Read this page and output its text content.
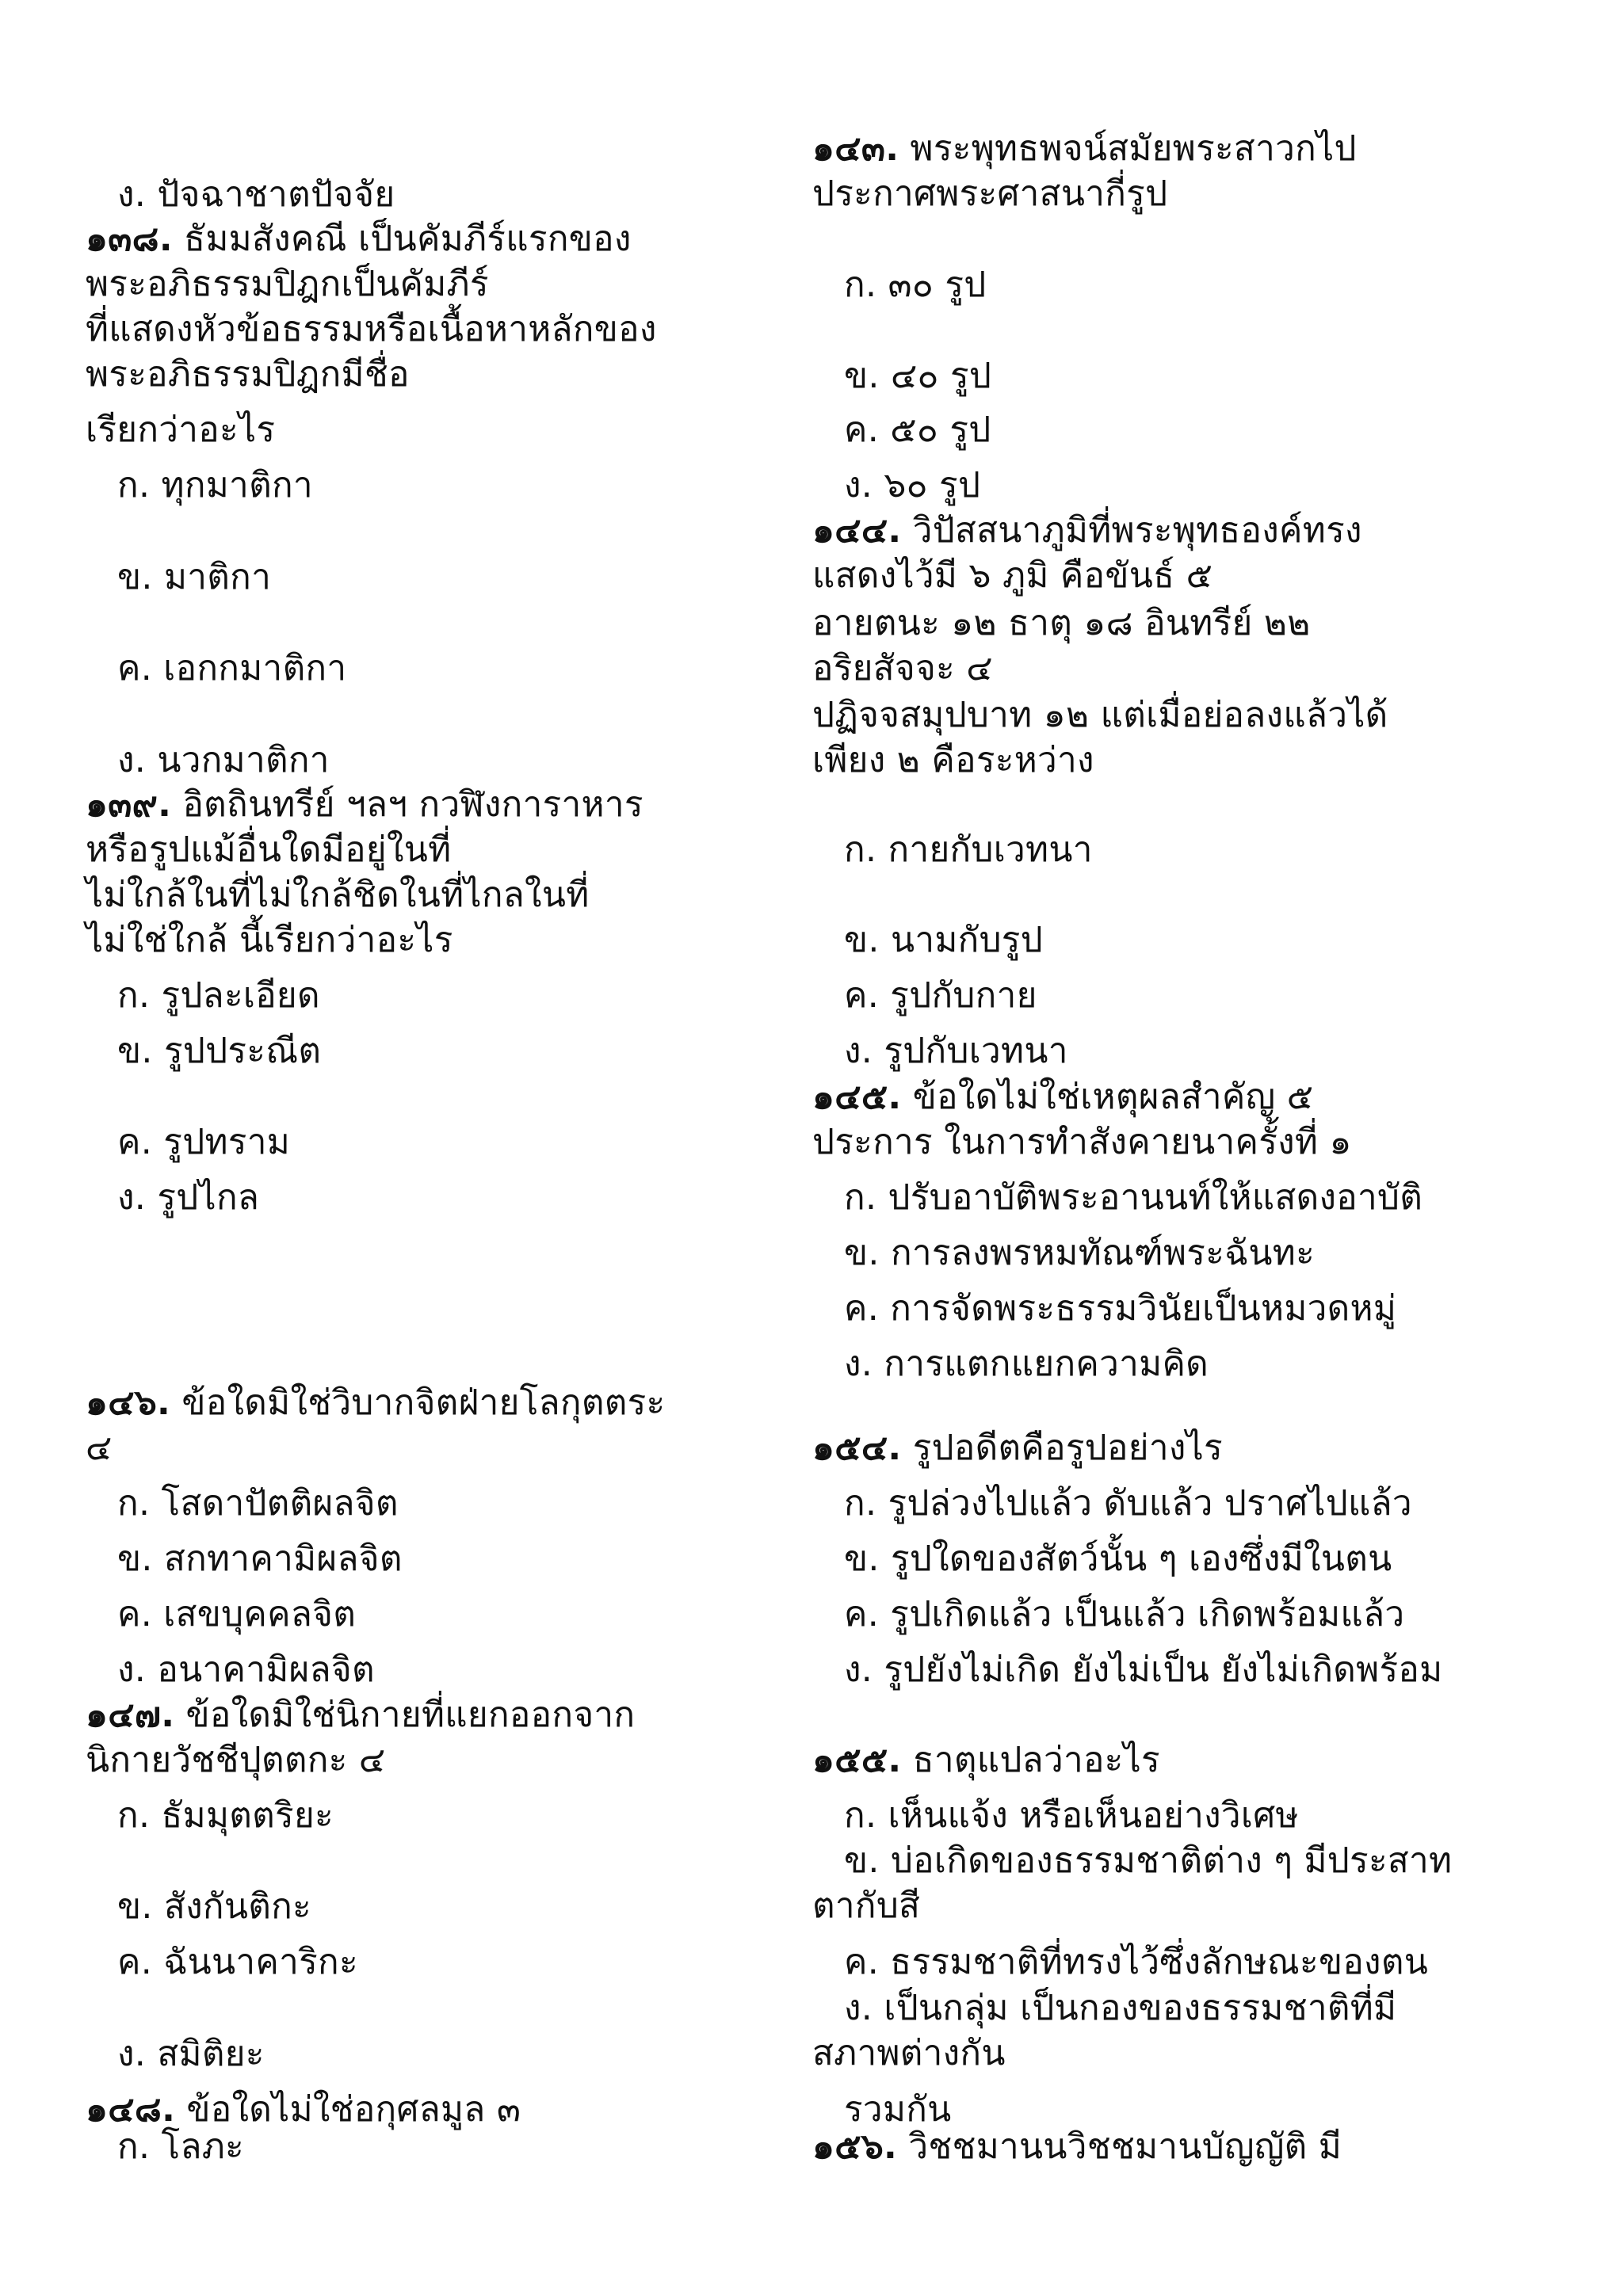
ง. ปัจฉาชาตปัจจัย
๑๓๘. ธัมมสังคณี เป็นคัมภีร์แรกของ
พระอภิธรรมปิฎกเป็นคัมภีร์
ที่แสดงหัวข้อธรรมหรือเนื้อหาหลักของ
พระอภิธรรมปิฎกมีชื่อ
เรียกว่าอะไร
ก. ทุกมาติกา
ข. มาติกา
ค. เอกกมาติกา
ง. นวกมาติกา
๑๓๙. อิตถินทรีย์ ฯลฯ กวฬิงการาหาร
หรือรูปแม้อื่นใดมีอยู่ในที่
ไม่ใกล้ในที่ไม่ใกล้ชิดในที่ไกลในที่
ไม่ใช่ใกล้ นี้เรียกว่าอะไร
ก. รูปละเอียด
ข. รูปประณีต
ค. รูปทราม
ง. รูปไกล
๑๔๖. ข้อใดมิใช่วิบากจิตฝ่ายโลกุตตระ
๔
ก. โสดาปัตติผลจิต
ข. สกทาคามิผลจิต
ค. เสขบุคคลจิต
ง. อนาคามิผลจิต
๑๔๗. ข้อใดมิใช่นิกายที่แยกออกจาก
นิกายวัชชีปุตตกะ ๔
ก. ธัมมุตตริยะ
ข. สังกันติกะ
ค. ฉันนาคาริกะ
ง. สมิติยะ
๑๔๘. ข้อใดไม่ใช่อกุศลมูล ๓
ก. โลภะ
๑๔๓. พระพุทธพจน์สมัยพระสาวกไป
ประกาศพระศาสนากี่รูป
ก. ๓๐ รูป
ข. ๔๐ รูป
ค. ๕๐ รูป
ง. ๖๐ รูป
๑๔๔. วิปัสสนาภูมิที่พระพุทธองค์ทรง
แสดงไว้มี ๖ ภูมิ คือขันธ์ ๕
อายตนะ ๑๒ ธาตุ ๑๘ อินทรีย์ ๒๒
อริยสัจจะ ๔
ปฏิจจสมุปบาท ๑๒ แต่เมื่อย่อลงแล้วได้
เพียง ๒ คือระหว่าง
ก. กายกับเวทนา
ข. นามกับรูป
ค. รูปกับกาย
ง. รูปกับเวทนา
๑๔๕. ข้อใดไม่ใช่เหตุผลสำคัญ ๕
ประการ ในการทำสังคายนาครั้งที่ ๑
ก. ปรับอาบัติพระอานนท์ให้แสดงอาบัติ
ข. การลงพรหมทัณฑ์พระฉันทะ
ค. การจัดพระธรรมวินัยเป็นหมวดหมู่
ง. การแตกแยกความคิด
๑๕๔. รูปอดีตคือรูปอย่างไร
ก. รูปล่วงไปแล้ว ดับแล้ว ปราศไปแล้ว
ข. รูปใดของสัตว์นั้น ๆ เองซึ่งมีในตน
ค. รูปเกิดแล้ว เป็นแล้ว เกิดพร้อมแล้ว
ง. รูปยังไม่เกิด ยังไม่เป็น ยังไม่เกิดพร้อม
๑๕๕. ธาตุแปลว่าอะไร
ก. เห็นแจ้ง หรือเห็นอย่างวิเศษ
ข. บ่อเกิดของธรรมชาติต่าง ๆ มีประสาท
ตากับสี
ค. ธรรมชาติที่ทรงไว้ซึ่งลักษณะของตน
ง. เป็นกลุ่ม เป็นกองของธรรมชาติที่มี
สภาพต่างกัน
รวมกัน
๑๕๖. วิชชมานนวิชชมานบัญญัติ มี
